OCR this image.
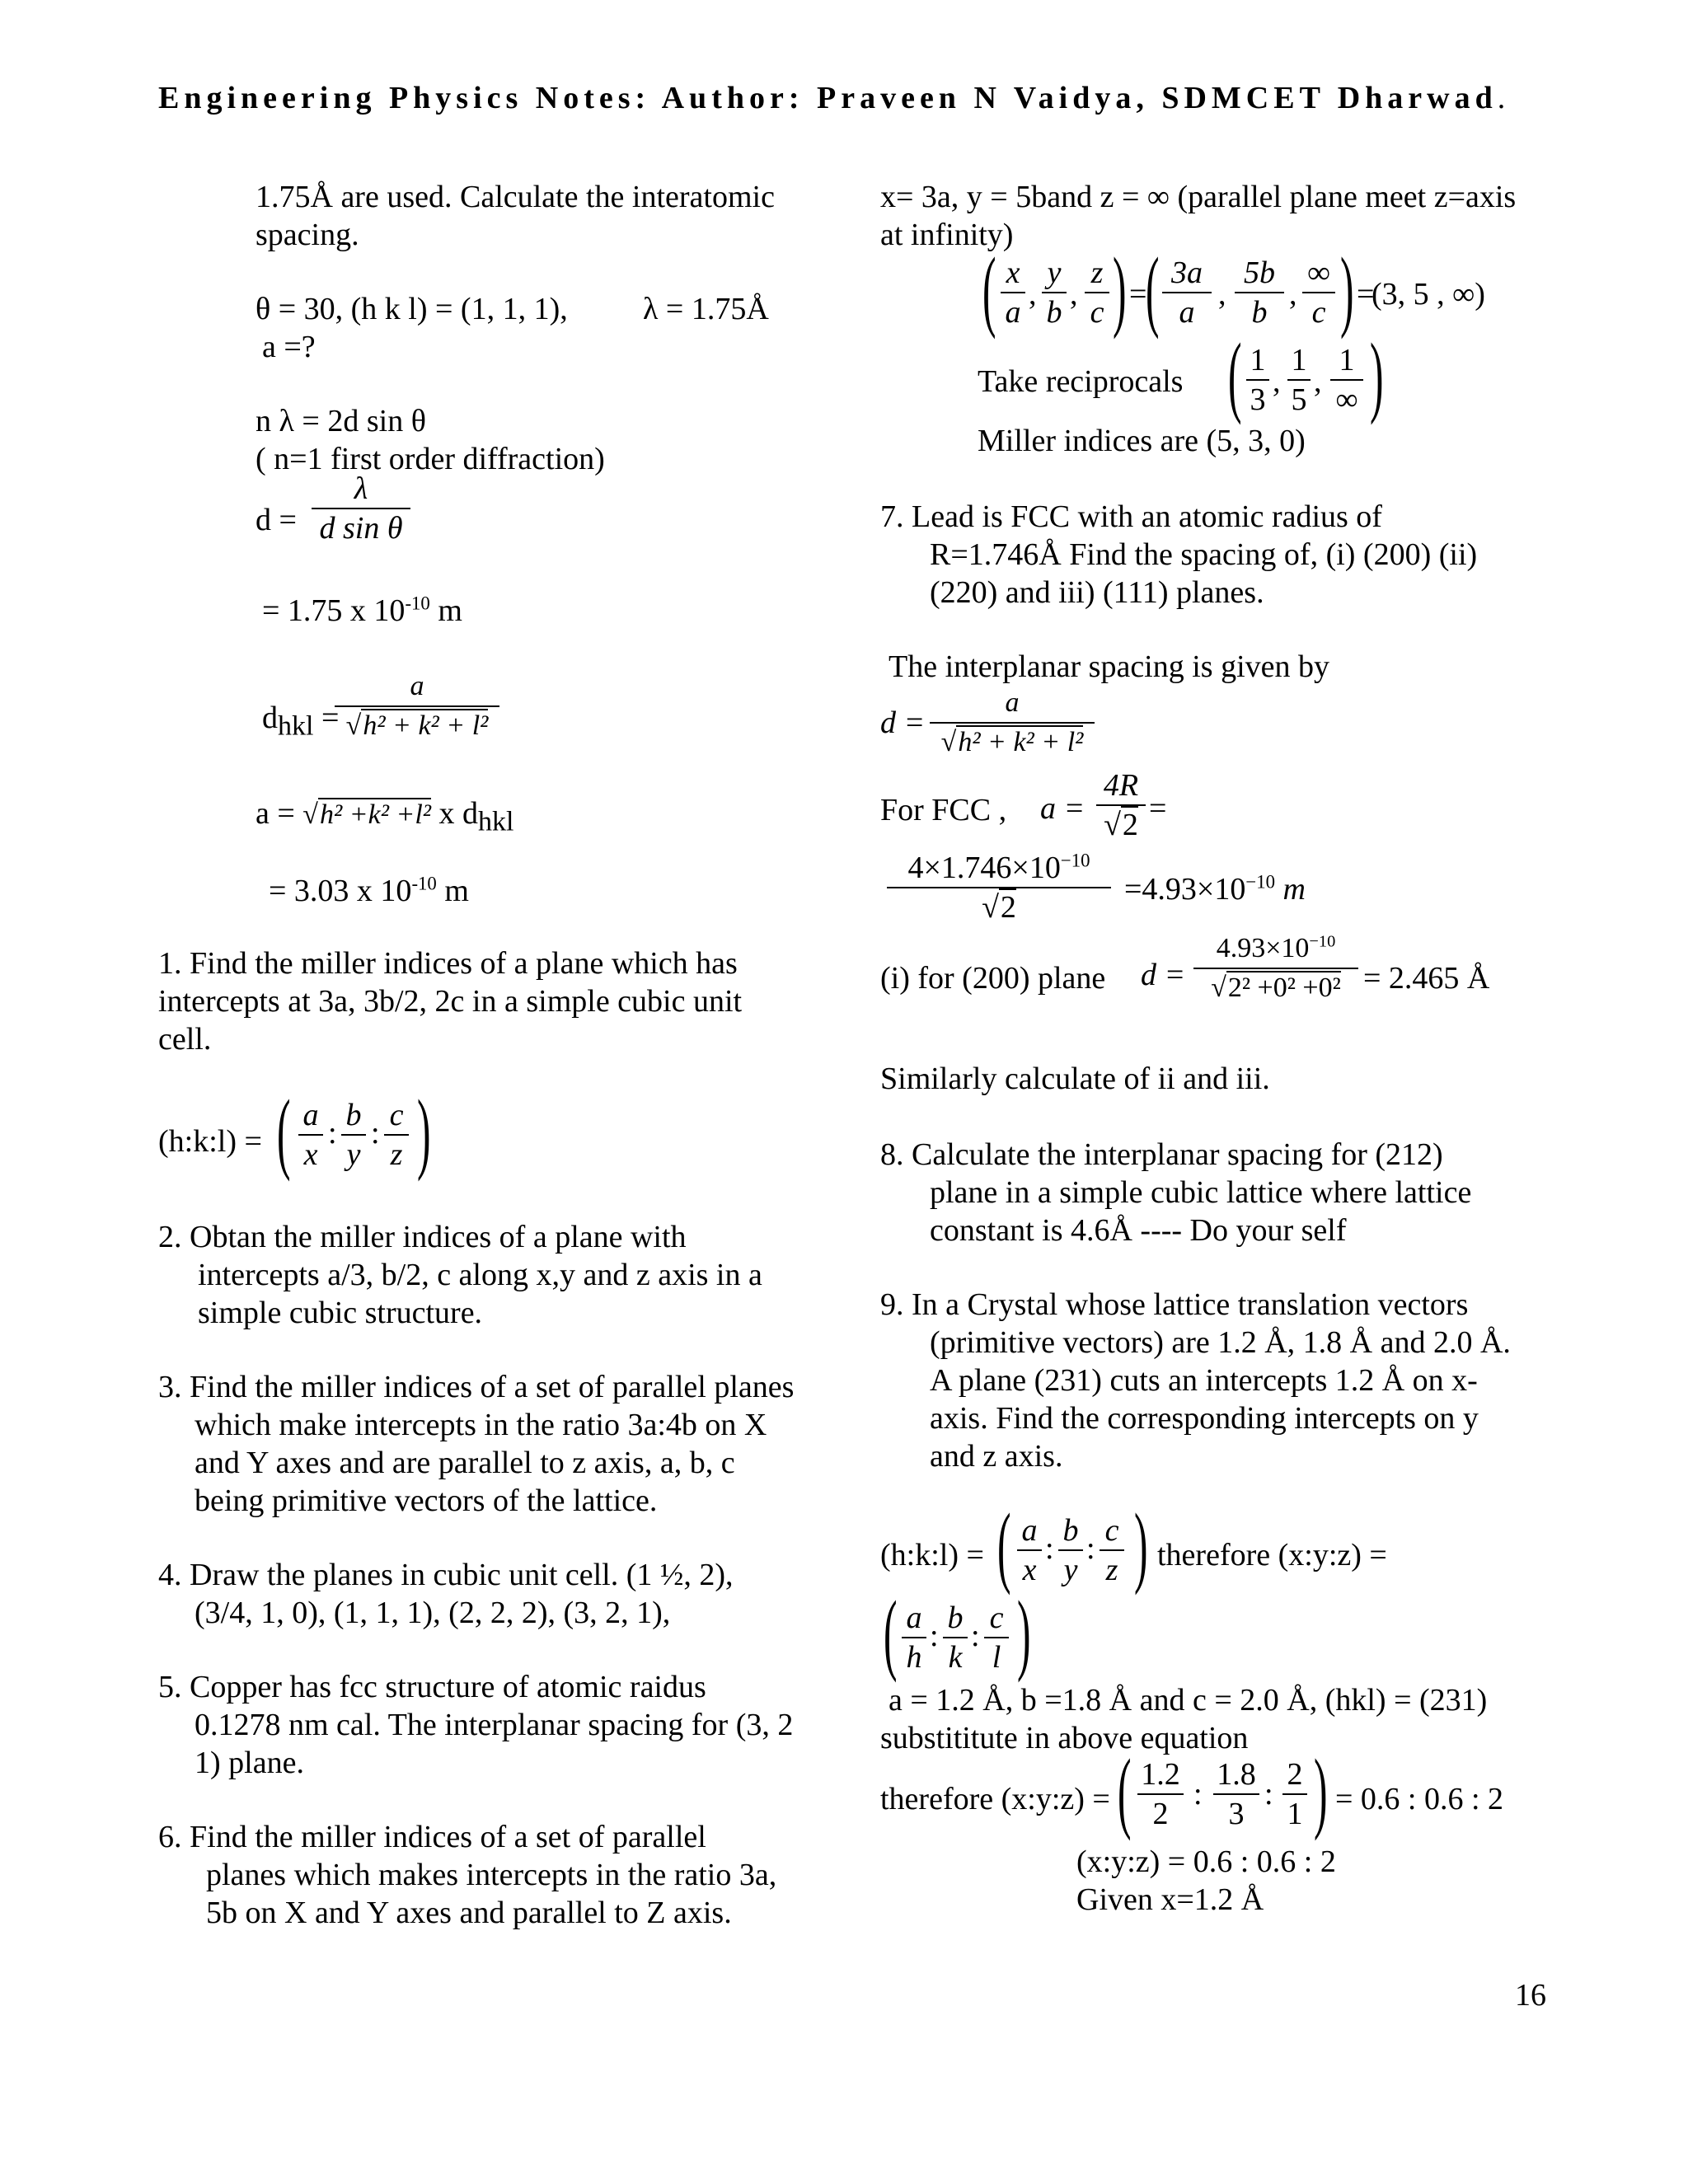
Engineering Physics Notes: Author: Praveen N Vaidya, SDMCET Dharwad.
1.75Å are used. Calculate the interatomic
spacing.
θ = 30, (h k l) = (1, 1, 1), λ = 1.75Å
a =?
n λ = 2d sin θ
( n=1 first order diffraction)
d =
λ
d sin θ
= 1.75 x $10^{-10}$ m
$d_{hkl}$ =
a
√h² + k² + l²
a = √h² +k² +l² x $d_{hkl}$
= 3.03 x $10^{-10}$ m
1. Find the miller indices of a plane which has
intercepts at 3a, 3b/2, 2c in a simple cubic unit
cell.
(h:k:l) = ( a
x
:
b
y
:
c
z )
2. Obtan the miller indices of a plane with
intercepts a/3, b/2, c along x,y and z axis in a
simple cubic structure.
3. Find the miller indices of a set of parallel planes
which make intercepts in the ratio 3a:4b on X
and Y axes and are parallel to z axis, a, b, c
being primitive vectors of the lattice.
4. Draw the planes in cubic unit cell. (1 ½, 2),
(3/4, 1, 0), (1, 1, 1), (2, 2, 2), (3, 2, 1),
5. Copper has fcc structure of atomic raidus
0.1278 nm cal. The interplanar spacing for (3, 2
1) plane.
6. Find the miller indices of a set of parallel
planes which makes intercepts in the ratio 3a,
5b on X and Y axes and parallel to Z axis.
x= 3a, y = 5band z = ∞ (parallel plane meet z=axis
at infinity)
( x
a
,
y
b
,
z
c ) =
( 3a
a
,
5b
b
,
∞
c ) =
(3, 5 , ∞)
Take reciprocals ( 1
3
,
1
5
,
1
∞ )
Miller indices are (5, 3, 0)
7. Lead is FCC with an atomic radius of
R=1.746Å Find the spacing of, (i) (200) (ii)
(220) and iii) (111) planes.
The interplanar spacing is given by
d =
a
√h² + k² + l²
For FCC , a =
4R
√2 =
$4\times 1.746\times 10^{-10}$
√2
$=4.93\times 10^{-10}$ m
(i) for (200) plane d =
$4.93\times 10^{-10}$
√2² +0² +0² = 2.465 Å
Similarly calculate of ii and iii.
8. Calculate the interplanar spacing for (212)
plane in a simple cubic lattice where lattice
constant is 4.6Å ---- Do your self
9. In a Crystal whose lattice translation vectors
(primitive vectors) are 1.2 Å, 1.8 Å and 2.0 Å.
A plane (231) cuts an intercepts 1.2 Å on x-
axis. Find the corresponding intercepts on y
and z axis.
(h:k:l) = ( a
x
:
b
y
:
c
z ) therefore (x:y:z) =
( a
h
:
b
k
:
c
l )
a = 1.2 Å, b =1.8 Å and c = 2.0 Å, (hkl) = (231)
substititute in above equation
therefore (x:y:z) = ( 1.2
2
:
1.8
3
:
2
1 ) = 0.6 : 0.6 : 2
(x:y:z) = 0.6 : 0.6 : 2
Given x=1.2 Å
16
